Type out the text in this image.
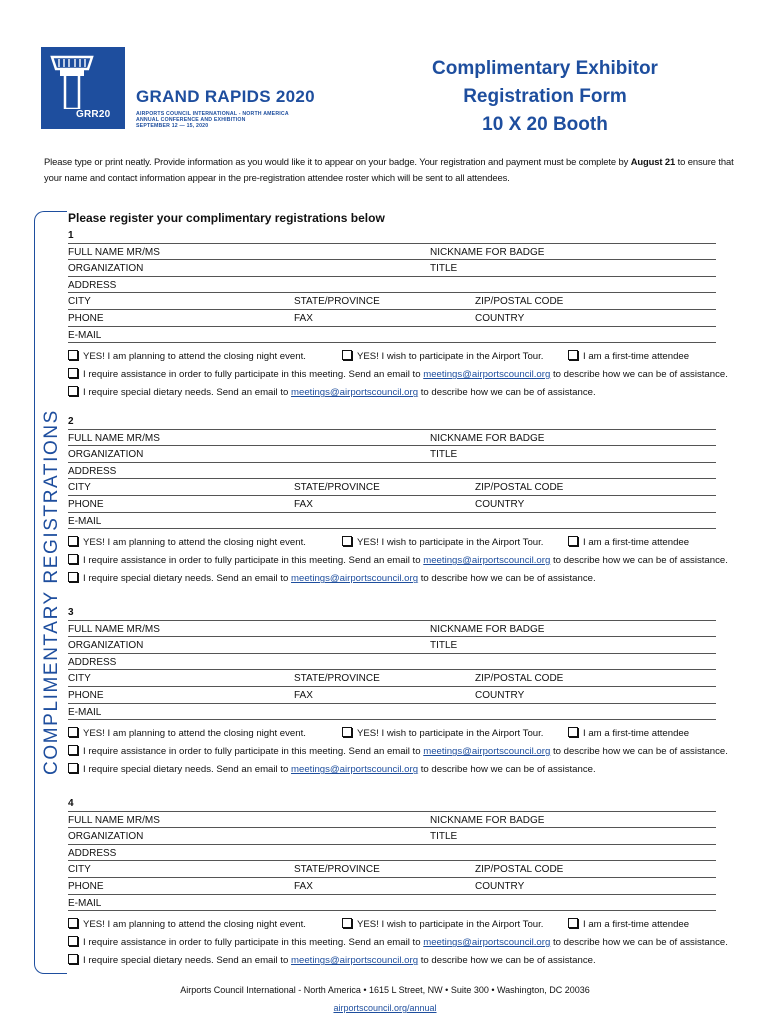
GRR20
GRAND RAPIDS 2020
AIRPORTS COUNCIL INTERNATIONAL - NORTH AMERICA
ANNUAL CONFERENCE AND EXHIBITION
SEPTEMBER 12 — 15, 2020
Complimentary Exhibitor
Registration Form
10 X 20 Booth
Please type or print neatly. Provide information as you would like it to appear on your badge. Your registration and payment must be complete by August 21 to ensure that your name and contact information appear in the pre-registration attendee roster which will be sent to all attendees.
COMPLIMENTARY REGISTRATIONS
Please register your complimentary registrations below
1
FULL NAME MR/MS	NICKNAME FOR BADGE
ORGANIZATION	TITLE
ADDRESS
CITY	STATE/PROVINCE	ZIP/POSTAL CODE
PHONE	FAX	COUNTRY
E-MAIL
YES! I am planning to attend the closing night event.	YES! I wish to participate in the Airport Tour.	I am a first-time attendee
I require assistance in order to fully participate in this meeting. Send an email to meetings@airportscouncil.org to describe how we can be of assistance.
I require special dietary needs. Send an email to meetings@airportscouncil.org to describe how we can be of assistance.
2
FULL NAME MR/MS	NICKNAME FOR BADGE
ORGANIZATION	TITLE
ADDRESS
CITY	STATE/PROVINCE	ZIP/POSTAL CODE
PHONE	FAX	COUNTRY
E-MAIL
YES! I am planning to attend the closing night event.	YES! I wish to participate in the Airport Tour.	I am a first-time attendee
I require assistance in order to fully participate in this meeting. Send an email to meetings@airportscouncil.org to describe how we can be of assistance.
I require special dietary needs. Send an email to meetings@airportscouncil.org to describe how we can be of assistance.
3
FULL NAME MR/MS	NICKNAME FOR BADGE
ORGANIZATION	TITLE
ADDRESS
CITY	STATE/PROVINCE	ZIP/POSTAL CODE
PHONE	FAX	COUNTRY
E-MAIL
YES! I am planning to attend the closing night event.	YES! I wish to participate in the Airport Tour.	I am a first-time attendee
I require assistance in order to fully participate in this meeting. Send an email to meetings@airportscouncil.org to describe how we can be of assistance.
I require special dietary needs. Send an email to meetings@airportscouncil.org to describe how we can be of assistance.
4
FULL NAME MR/MS	NICKNAME FOR BADGE
ORGANIZATION	TITLE
ADDRESS
CITY	STATE/PROVINCE	ZIP/POSTAL CODE
PHONE	FAX	COUNTRY
E-MAIL
YES! I am planning to attend the closing night event.	YES! I wish to participate in the Airport Tour.	I am a first-time attendee
I require assistance in order to fully participate in this meeting. Send an email to meetings@airportscouncil.org to describe how we can be of assistance.
I require special dietary needs. Send an email to meetings@airportscouncil.org to describe how we can be of assistance.
Airports Council International - North America • 1615 L Street, NW • Suite 300 • Washington, DC 20036
airportscouncil.org/annual
